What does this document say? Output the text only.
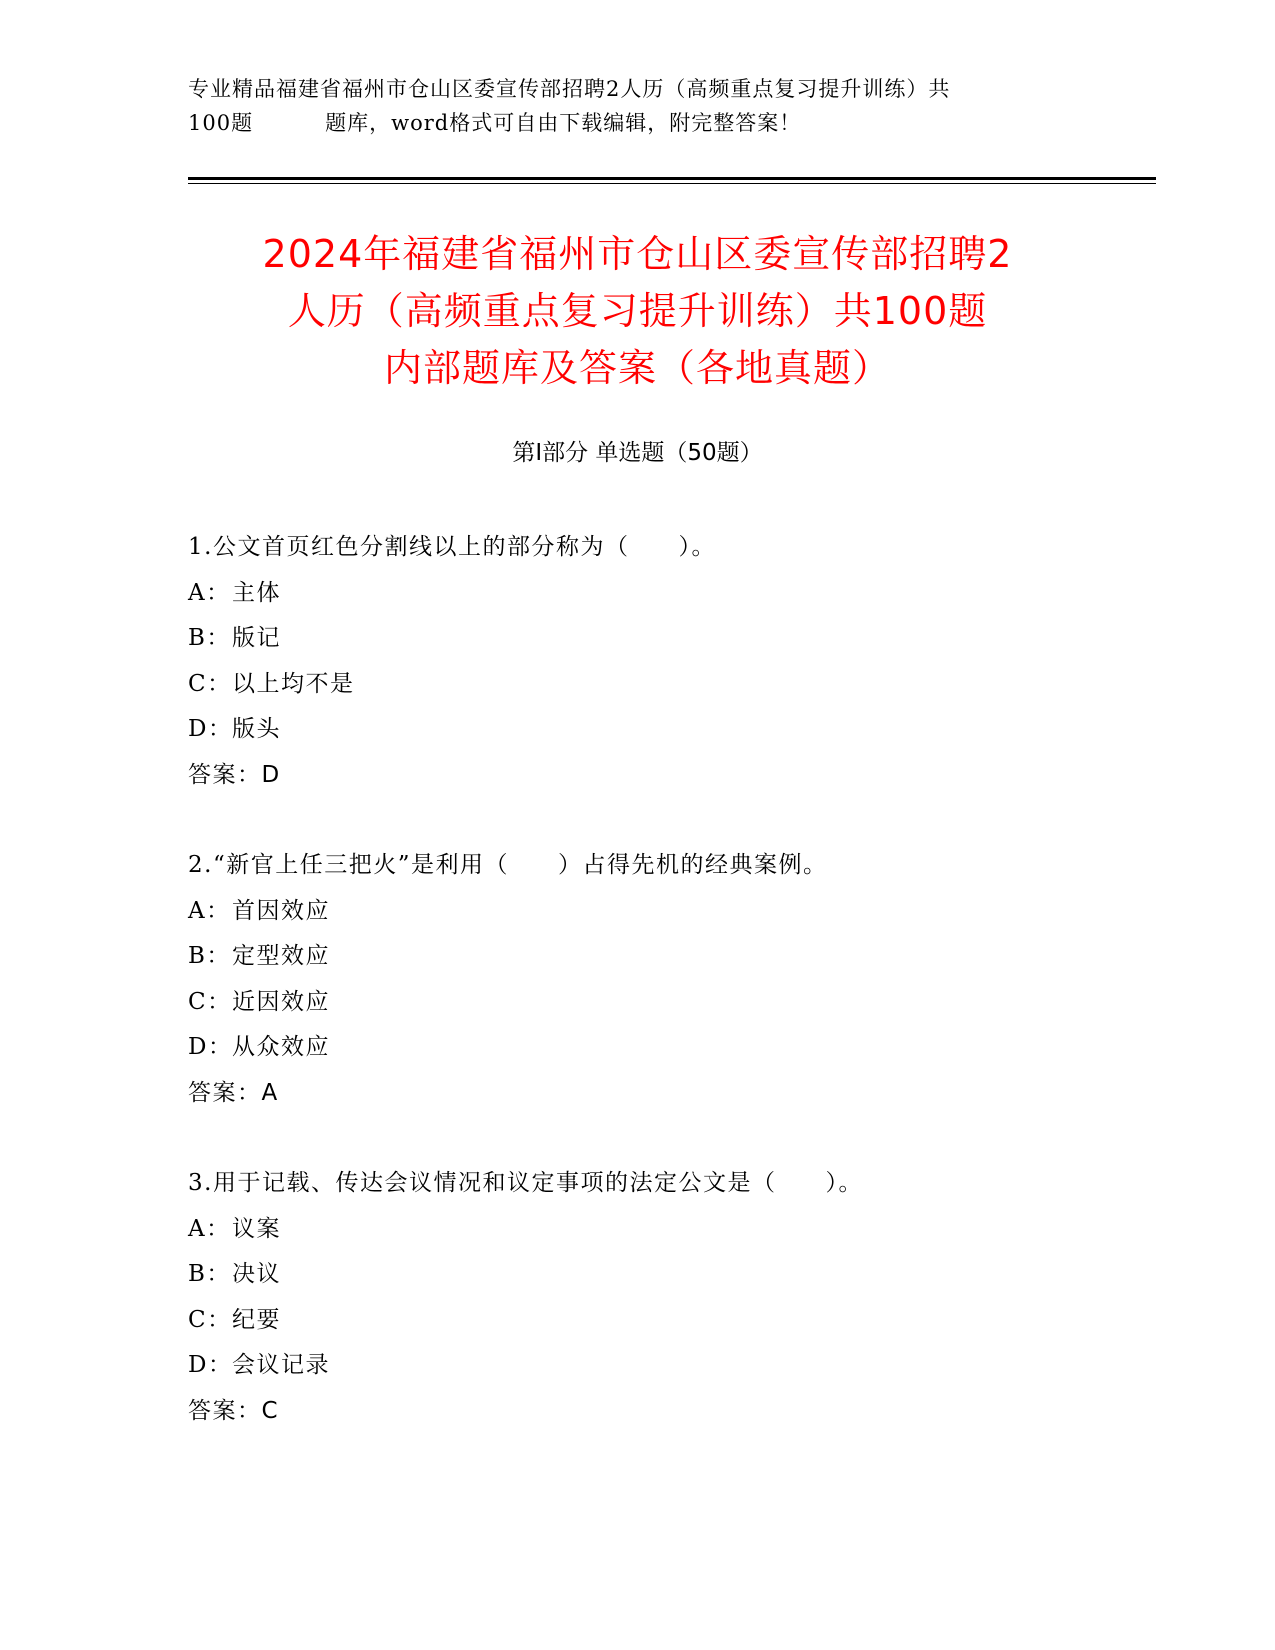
专业精品福建省福州市仓山区委宣传部招聘2人历（高频重点复习提升训练）共
100题	题库，word格式可自由下载编辑，附完整答案！
2024年福建省福州市仓山区委宣传部招聘2
人历（高频重点复习提升训练）共100题
内部题库及答案（各地真题）
第Ⅰ部分 单选题（50题）
1.公文首页红色分割线以上的部分称为（　　）。
A：主体
B：版记
C：以上均不是
D：版头
答案：D
2.“新官上任三把火”是利用（　　）占得先机的经典案例。
A：首因效应
B：定型效应
C：近因效应
D：从众效应
答案：A
3.用于记载、传达会议情况和议定事项的法定公文是（　　）。
A：议案
B：决议
C：纪要
D：会议记录
答案：C
